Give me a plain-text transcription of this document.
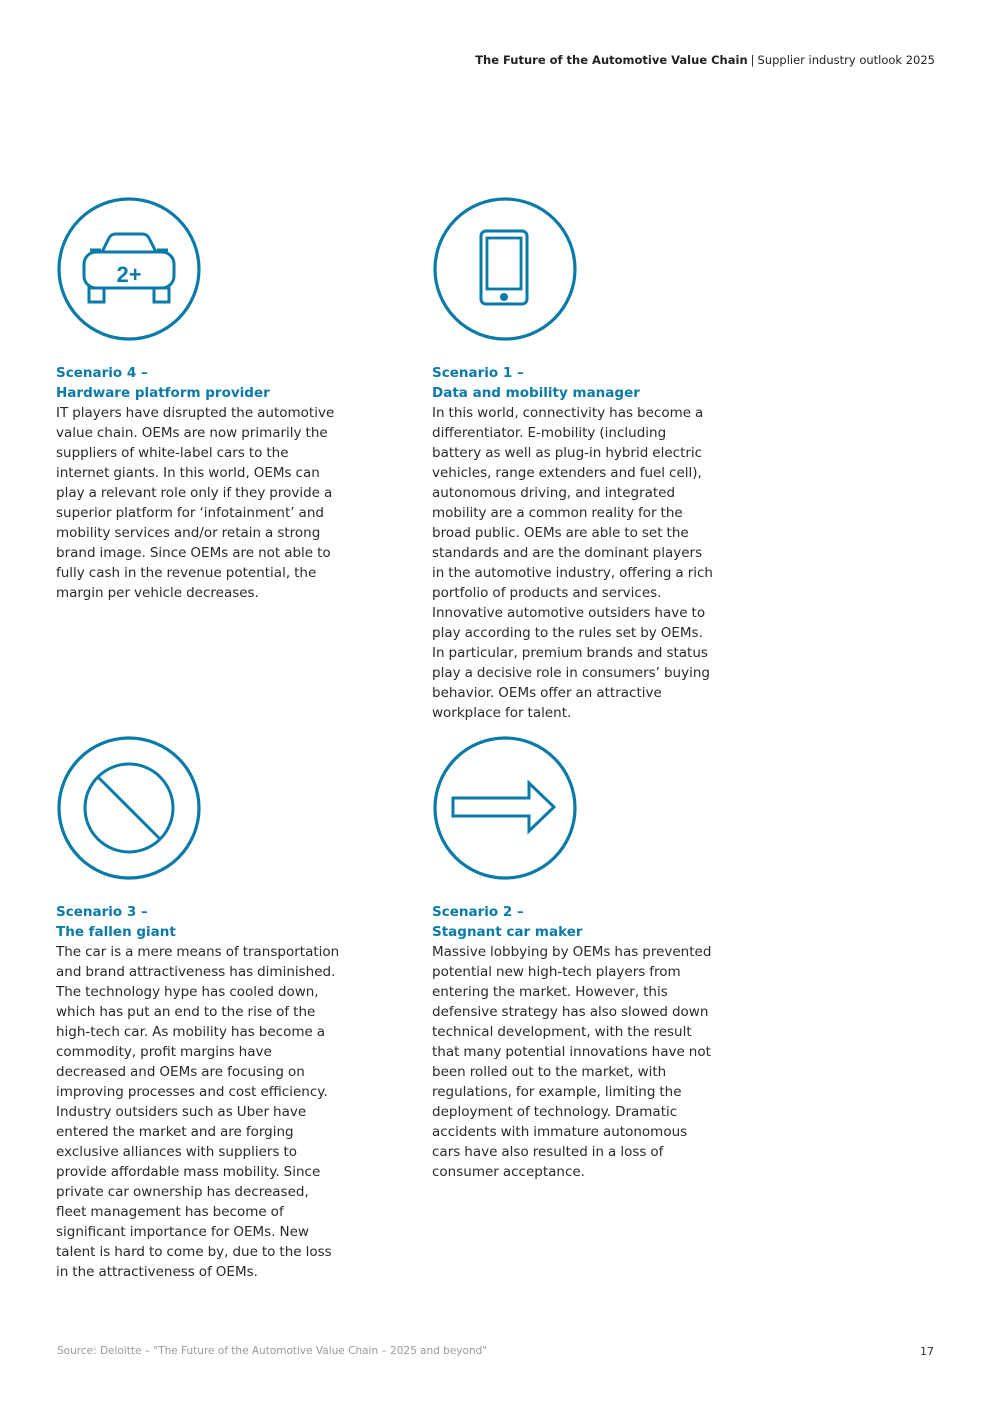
The Future of the Automotive Value Chain | Supplier industry outlook 2025
2+
Scenario 4 –
Hardware platform provider

IT players have disrupted the automotive value chain. OEMs are now primarily the suppliers of white-label cars to the internet giants. In this world, OEMs can play a relevant role only if they provide a superior platform for ‘infotainment’ and mobility services and/or retain a strong brand image. Since OEMs are not able to fully cash in the revenue potential, the margin per vehicle decreases.

Scenario 1 –
Data and mobility manager

In this world, connectivity has become a differentiator. E-mobility (including battery as well as plug-in hybrid electric vehicles, range extenders and fuel cell), autonomous driving, and integrated mobility are a common reality for the broad public. OEMs are able to set the standards and are the dominant players in the automotive industry, offering a rich portfolio of products and services. Innovative automotive outsiders have to play according to the rules set by OEMs. In particular, premium brands and status play a decisive role in consumers’ buying behavior. OEMs offer an attractive workplace for talent.

Scenario 3 –
The fallen giant

The car is a mere means of transportation and brand attractiveness has diminished. The technology hype has cooled down, which has put an end to the rise of the high-tech car. As mobility has become a commodity, profit margins have decreased and OEMs are focusing on improving processes and cost efficiency. Industry outsiders such as Uber have entered the market and are forging exclusive alliances with suppliers to provide affordable mass mobility. Since private car ownership has decreased, fleet management has become of significant importance for OEMs. New talent is hard to come by, due to the loss in the attractiveness of OEMs.

Scenario 2 –
Stagnant car maker

Massive lobbying by OEMs has prevented potential new high-tech players from entering the market. However, this defensive strategy has also slowed down technical development, with the result that many potential innovations have not been rolled out to the market, with regulations, for example, limiting the deployment of technology. Dramatic accidents with immature autonomous cars have also resulted in a loss of consumer acceptance.

Source: Deloitte – "The Future of the Automotive Value Chain – 2025 and beyond"	17
